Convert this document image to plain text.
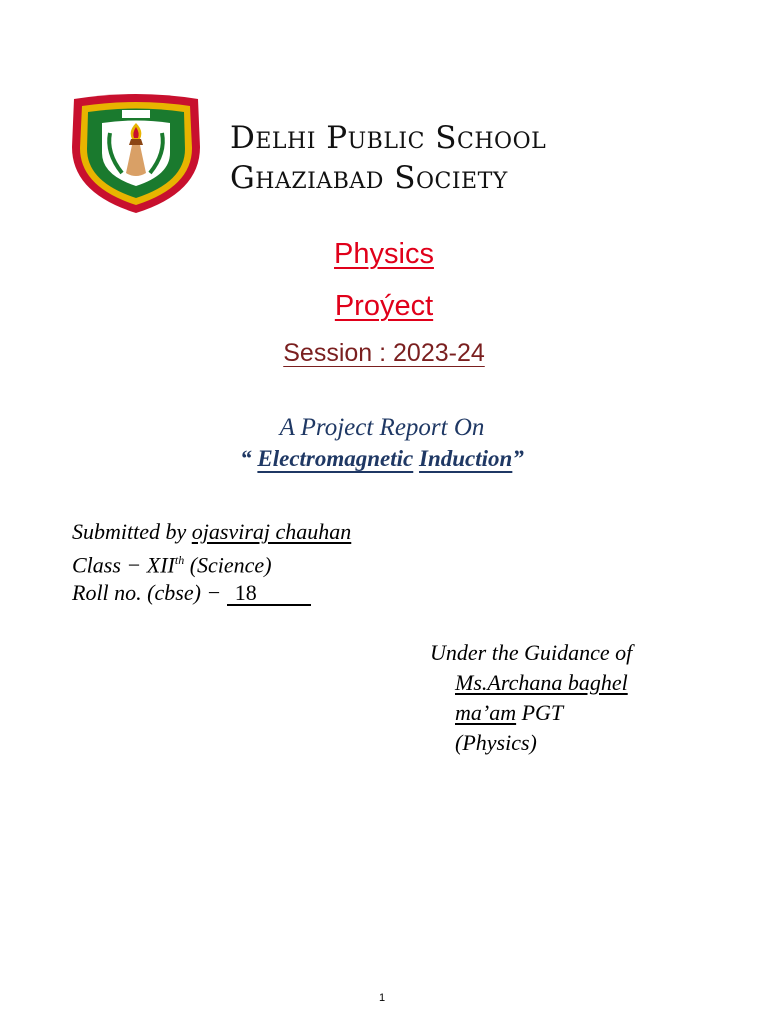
Delhi Public School
Ghaziabad Society
Physics
Proýect
Session : 2023-24
A Project Report On
“ Electromagnetic Induction”
Submitted by ojasviraj chauhan
Class − XIIth (Science)
Roll no. (cbse) − 18
Under the Guidance of
Ms.Archana baghel
ma’am PGT
(Physics)
1
